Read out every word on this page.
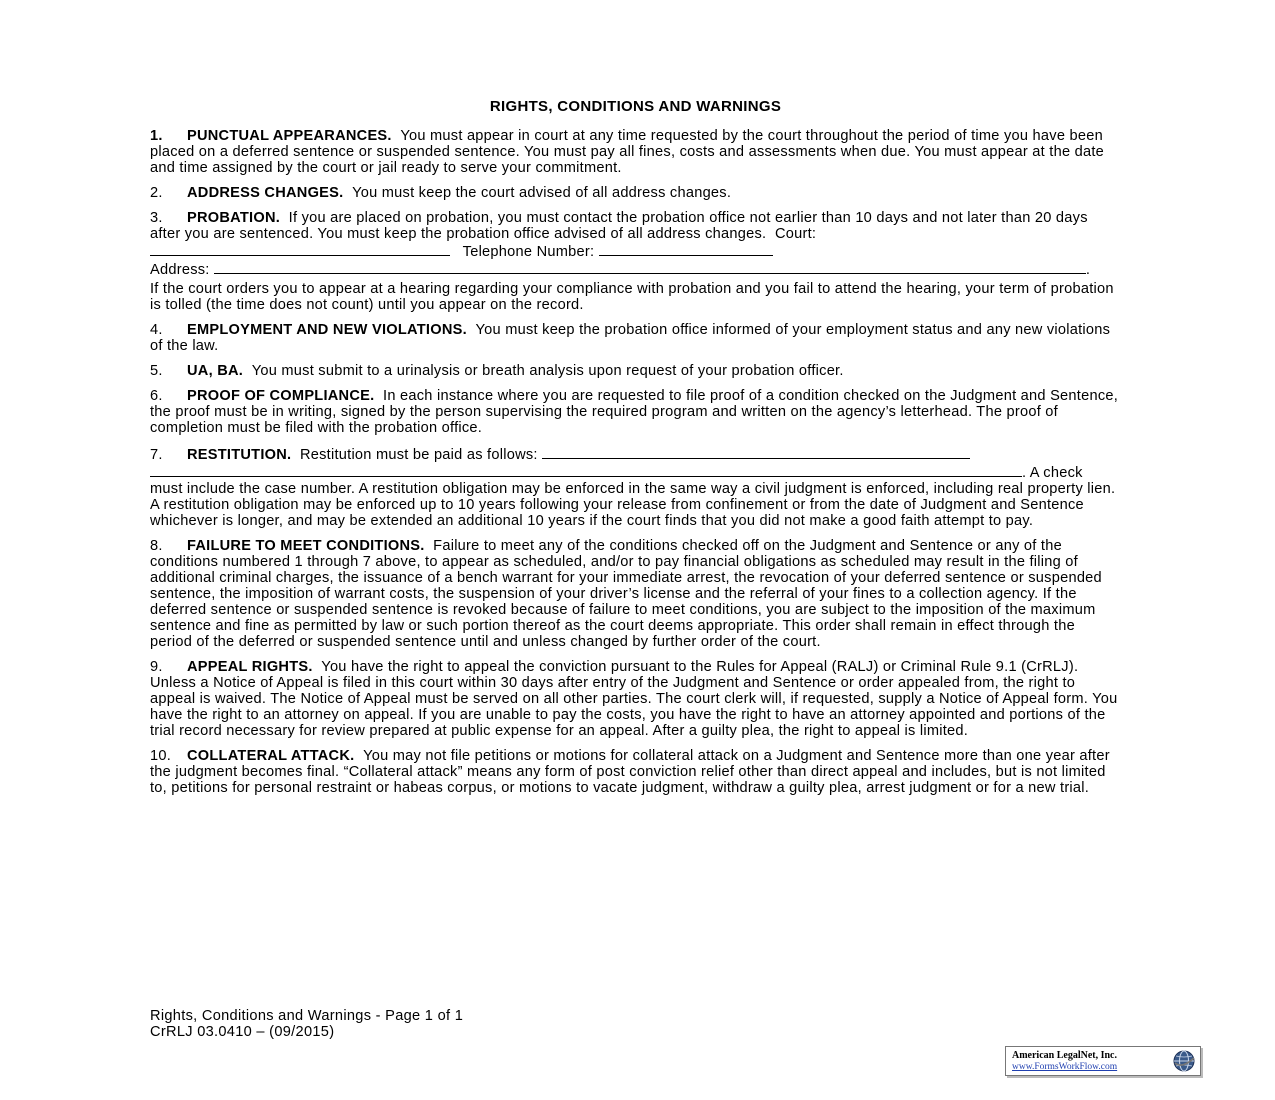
RIGHTS, CONDITIONS AND WARNINGS

1. PUNCTUAL APPEARANCES. You must appear in court at any time requested by the court throughout the period of time you have been placed on a deferred sentence or suspended sentence. You must pay all fines, costs and assessments when due. You must appear at the date and time assigned by the court or jail ready to serve your commitment.

2. ADDRESS CHANGES. You must keep the court advised of all address changes.

3. PROBATION. If you are placed on probation, you must contact the probation office not earlier than 10 days and not later than 20 days after you are sentenced. You must keep the probation office advised of all address changes. Court:    Telephone Number:
Address:	.
If the court orders you to appear at a hearing regarding your compliance with probation and you fail to attend the hearing, your term of probation is tolled (the time does not count) until you appear on the record.

4. EMPLOYMENT AND NEW VIOLATIONS. You must keep the probation office informed of your employment status and any new violations of the law.

5. UA, BA. You must submit to a urinalysis or breath analysis upon request of your probation officer.

6. PROOF OF COMPLIANCE. In each instance where you are requested to file proof of a condition checked on the Judgment and Sentence, the proof must be in writing, signed by the person supervising the required program and written on the agency’s letterhead. The proof of completion must be filed with the probation office.

7. RESTITUTION. Restitution must be paid as follows:
. A check
must include the case number. A restitution obligation may be enforced in the same way a civil judgment is enforced, including real property lien. A restitution obligation may be enforced up to 10 years following your release from confinement or from the date of Judgment and Sentence whichever is longer, and may be extended an additional 10 years if the court finds that you did not make a good faith attempt to pay.

8. FAILURE TO MEET CONDITIONS. Failure to meet any of the conditions checked off on the Judgment and Sentence or any of the conditions numbered 1 through 7 above, to appear as scheduled, and/or to pay financial obligations as scheduled may result in the filing of additional criminal charges, the issuance of a bench warrant for your immediate arrest, the revocation of your deferred sentence or suspended sentence, the imposition of warrant costs, the suspension of your driver’s license and the referral of your fines to a collection agency. If the deferred sentence or suspended sentence is revoked because of failure to meet conditions, you are subject to the imposition of the maximum sentence and fine as permitted by law or such portion thereof as the court deems appropriate. This order shall remain in effect through the period of the deferred or suspended sentence until and unless changed by further order of the court.

9. APPEAL RIGHTS. You have the right to appeal the conviction pursuant to the Rules for Appeal (RALJ) or Criminal Rule 9.1 (CrRLJ). Unless a Notice of Appeal is filed in this court within 30 days after entry of the Judgment and Sentence or order appealed from, the right to appeal is waived. The Notice of Appeal must be served on all other parties. The court clerk will, if requested, supply a Notice of Appeal form. You have the right to an attorney on appeal. If you are unable to pay the costs, you have the right to have an attorney appointed and portions of the trial record necessary for review prepared at public expense for an appeal. After a guilty plea, the right to appeal is limited.

10. COLLATERAL ATTACK. You may not file petitions or motions for collateral attack on a Judgment and Sentence more than one year after the judgment becomes final. “Collateral attack” means any form of post conviction relief other than direct appeal and includes, but is not limited to, petitions for personal restraint or habeas corpus, or motions to vacate judgment, withdraw a guilty plea, arrest judgment or for a new trial.

Rights, Conditions and Warnings - Page 1 of 1
CrRLJ 03.0410 – (09/2015)
American LegalNet, Inc.
www.FormsWorkFlow.com
